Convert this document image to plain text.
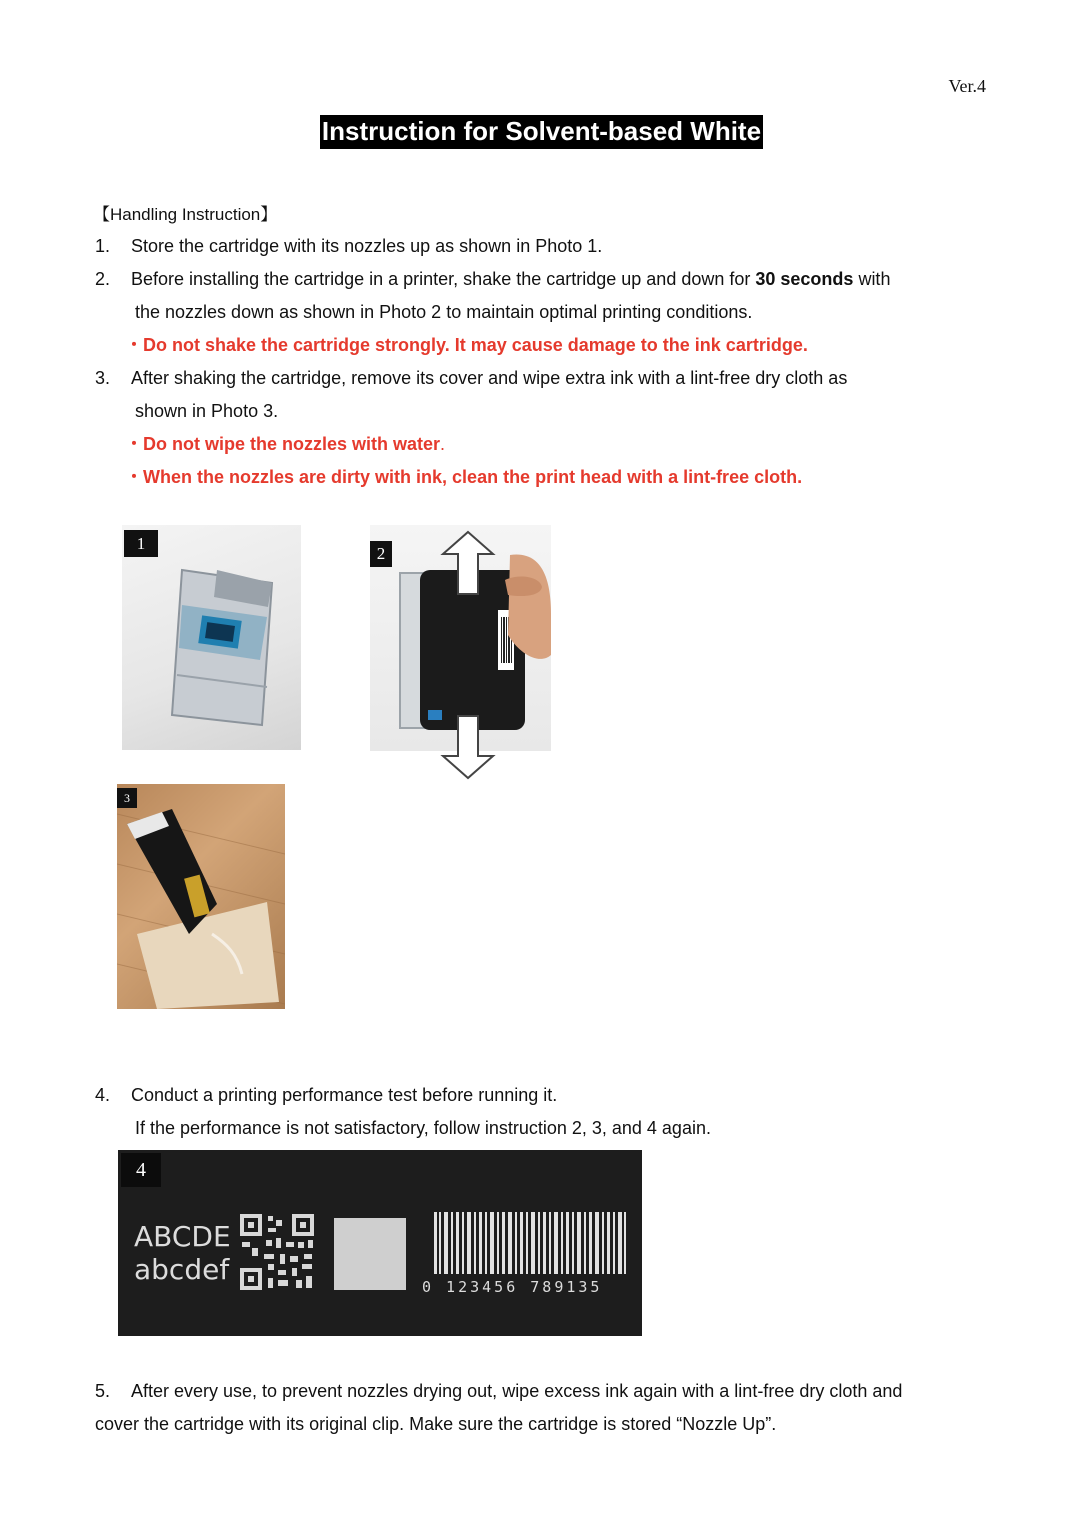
Ver.4
Instruction for Solvent-based White
【Handling Instruction】
1. Store the cartridge with its nozzles up as shown in Photo 1.
2. Before installing the cartridge in a printer, shake the cartridge up and down for 30 seconds with
the nozzles down as shown in Photo 2 to maintain optimal printing conditions.
・Do not shake the cartridge strongly. It may cause damage to the ink cartridge.
3. After shaking the cartridge, remove its cover and wipe extra ink with a lint-free dry cloth as
shown in Photo 3.
・Do not wipe the nozzles with water.
・When the nozzles are dirty with ink, clean the print head with a lint-free cloth.
1
2
3
4. Conduct a printing performance test before running it.
If the performance is not satisfactory, follow instruction 2, 3, and 4 again.
4
ABCDE
abcdef
0 123456 789135
5. After every use, to prevent nozzles drying out, wipe excess ink again with a lint-free dry cloth and
cover the cartridge with its original clip. Make sure the cartridge is stored “Nozzle Up”.
